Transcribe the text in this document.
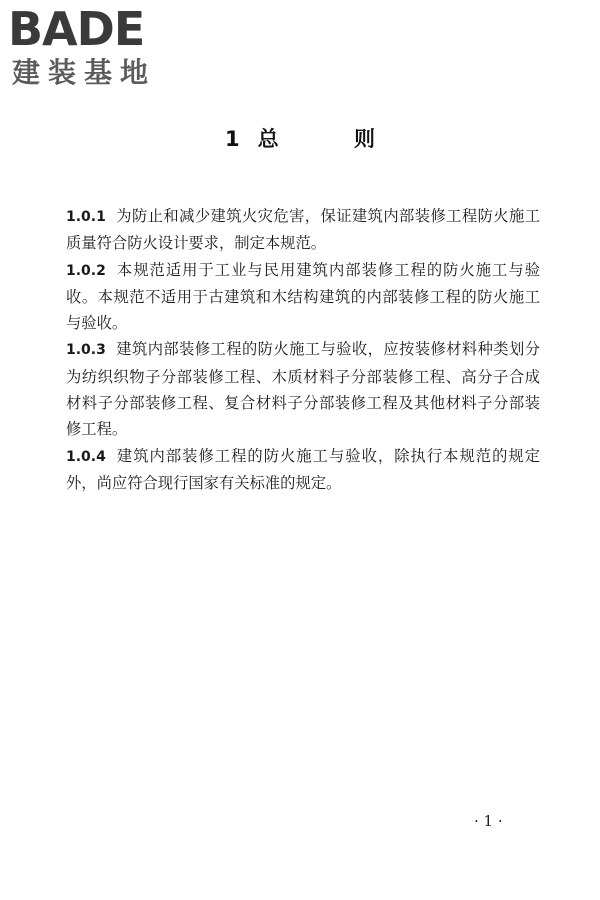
BADE
建装基地
1 总 则

1.0.1 为防止和减少建筑火灾危害，保证建筑内部装修工程防火施工质量符合防火设计要求，制定本规范。

1.0.2 本规范适用于工业与民用建筑内部装修工程的防火施工与验收。本规范不适用于古建筑和木结构建筑的内部装修工程的防火施工与验收。

1.0.3 建筑内部装修工程的防火施工与验收，应按装修材料种类划分为纺织织物子分部装修工程、木质材料子分部装修工程、高分子合成材料子分部装修工程、复合材料子分部装修工程及其他材料子分部装修工程。

1.0.4 建筑内部装修工程的防火施工与验收，除执行本规范的规定外，尚应符合现行国家有关标准的规定。

· 1 ·
